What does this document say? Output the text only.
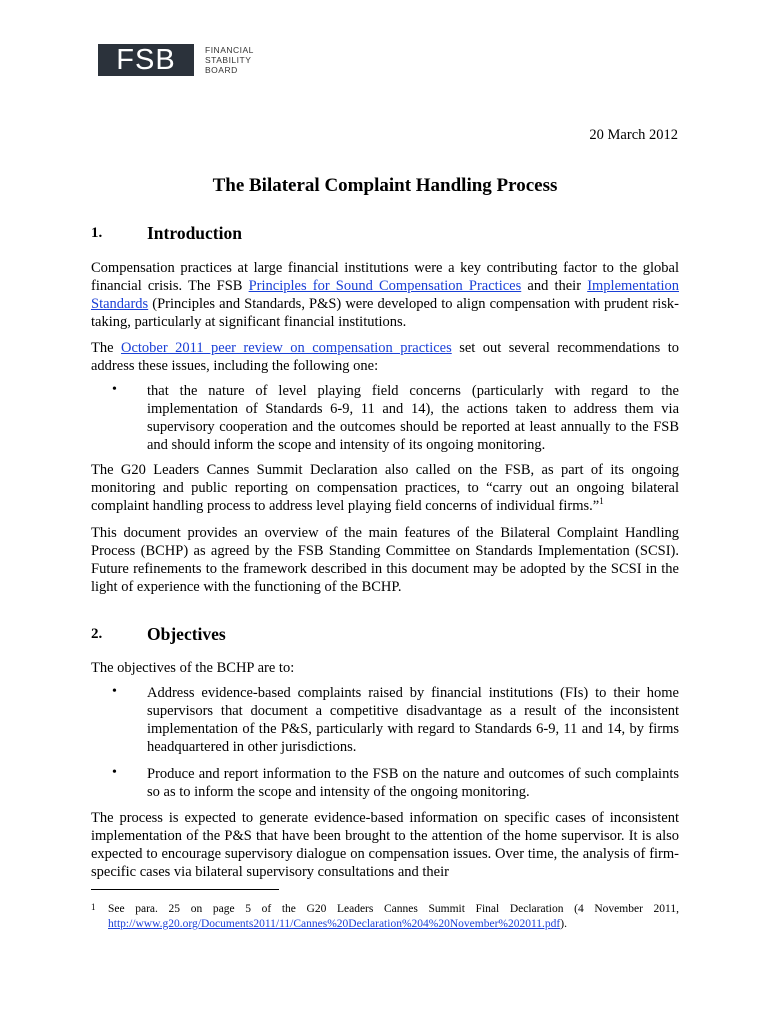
FSB	FINANCIAL
STABILITY
BOARD
20 March 2012
The Bilateral Complaint Handling Process
1.	Introduction
Compensation practices at large financial institutions were a key contributing factor to the global financial crisis. The FSB Principles for Sound Compensation Practices and their Implementation Standards (Principles and Standards, P&S) were developed to align compensation with prudent risk-taking, particularly at significant financial institutions.
The October 2011 peer review on compensation practices set out several recommendations to address these issues, including the following one:
• that the nature of level playing field concerns (particularly with regard to the implementation of Standards 6-9, 11 and 14), the actions taken to address them via supervisory cooperation and the outcomes should be reported at least annually to the FSB and should inform the scope and intensity of its ongoing monitoring.
The G20 Leaders Cannes Summit Declaration also called on the FSB, as part of its ongoing monitoring and public reporting on compensation practices, to “carry out an ongoing bilateral complaint handling process to address level playing field concerns of individual firms.”$^1$
This document provides an overview of the main features of the Bilateral Complaint Handling Process (BCHP) as agreed by the FSB Standing Committee on Standards Implementation (SCSI). Future refinements to the framework described in this document may be adopted by the SCSI in the light of experience with the functioning of the BCHP.
2.	Objectives
The objectives of the BCHP are to:
• Address evidence-based complaints raised by financial institutions (FIs) to their home supervisors that document a competitive disadvantage as a result of the inconsistent implementation of the P&S, particularly with regard to Standards 6-9, 11 and 14, by firms headquartered in other jurisdictions.
• Produce and report information to the FSB on the nature and outcomes of such complaints so as to inform the scope and intensity of the ongoing monitoring.
The process is expected to generate evidence-based information on specific cases of inconsistent implementation of the P&S that have been brought to the attention of the home supervisor. It is also expected to encourage supervisory dialogue on compensation issues. Over time, the analysis of firm-specific cases via bilateral supervisory consultations and their
1 See para. 25 on page 5 of the G20 Leaders Cannes Summit Final Declaration (4 November 2011, http://www.g20.org/Documents2011/11/Cannes%20Declaration%204%20November%202011.pdf).
